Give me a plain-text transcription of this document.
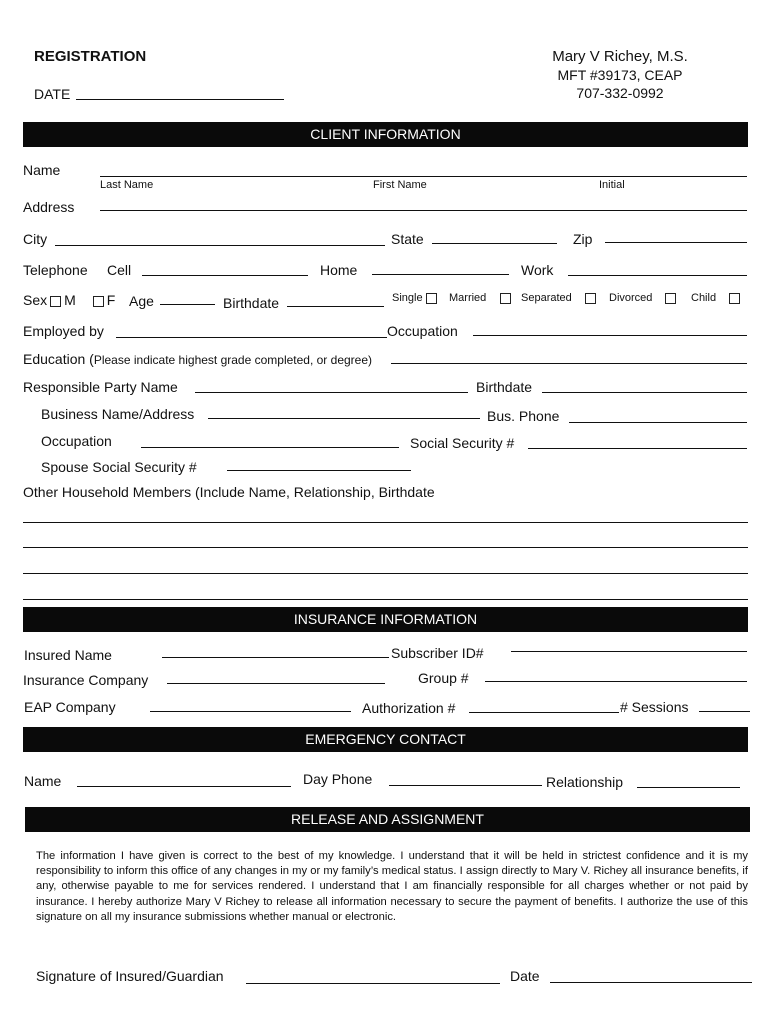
REGISTRATION
DATE
Mary V Richey, M.S.
MFT #39173, CEAP
707-332-0992
CLIENT INFORMATION
Name
Last Name	First Name	Initial
Address
City	State	Zip
Telephone Cell	Home	Work
Sex M F Age	Birthdate	Single	Married	Separated	Divorced	Child
Employed by	Occupation
Education (Please indicate highest grade completed, or degree)
Responsible Party Name	Birthdate
Business Name/Address	Bus. Phone
Occupation	Social Security #
Spouse Social Security #
Other Household Members (Include Name, Relationship, Birthdate
INSURANCE INFORMATION
Insured Name	Subscriber ID#
Insurance Company	Group #
EAP Company	Authorization #	# Sessions
EMERGENCY CONTACT
Name	Day Phone	Relationship
RELEASE AND ASSIGNMENT
The information I have given is correct to the best of my knowledge. I understand that it will be held in strictest confidence and it is my responsibility to inform this office of any changes in my or my family’s medical status. I assign directly to Mary V. Richey all insurance benefits, if any, otherwise payable to me for services rendered. I understand that I am financially responsible for all charges whether or not paid by insurance. I hereby authorize Mary V Richey to release all information necessary to secure the payment of benefits. I authorize the use of this signature on all my insurance submissions whether manual or electronic.
Signature of Insured/Guardian	Date
